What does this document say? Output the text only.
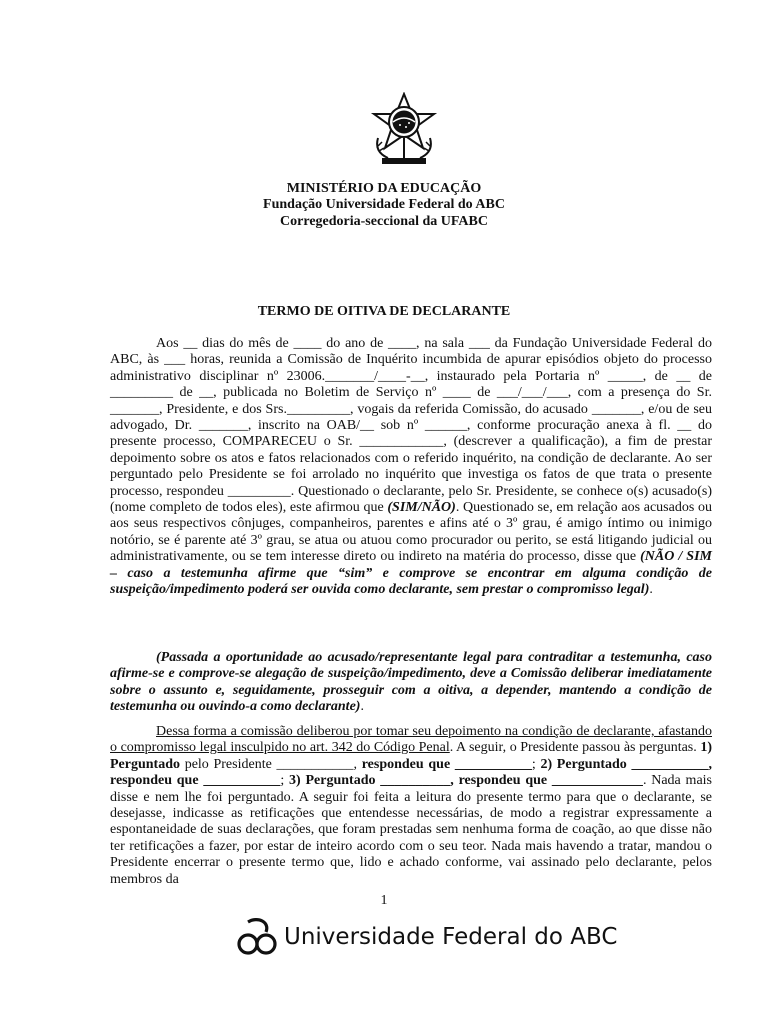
MINISTÉRIO DA EDUCAÇÃO
Fundação Universidade Federal do ABC
Corregedoria-seccional da UFABC
TERMO DE OITIVA DE DECLARANTE

Aos __ dias do mês de ____ do ano de ____, na sala ___ da Fundação Universidade Federal do ABC, às ___ horas, reunida a Comissão de Inquérito incumbida de apurar episódios objeto do processo administrativo disciplinar nº 23006._______/____-__, instaurado pela Portaria nº _____, de __ de _________ de __, publicada no Boletim de Serviço nº ____ de ___/___/___, com a presença do Sr. _______, Presidente, e dos Srs._________, vogais da referida Comissão, do acusado _______, e/ou de seu advogado, Dr. _______, inscrito na OAB/__ sob nº ______, conforme procuração anexa à fl. __ do presente processo, COMPARECEU o Sr. ____________, (descrever a qualificação), a fim de prestar depoimento sobre os atos e fatos relacionados com o referido inquérito, na condição de declarante. Ao ser perguntado pelo Presidente se foi arrolado no inquérito que investiga os fatos de que trata o presente processo, respondeu _________. Questionado o declarante, pelo Sr. Presidente, se conhece o(s) acusado(s) (nome completo de todos eles), este afirmou que (SIM/NÃO). Questionado se, em relação aos acusados ou aos seus respectivos cônjuges, companheiros, parentes e afins até o 3º grau, é amigo íntimo ou inimigo notório, se é parente até 3º grau, se atua ou atuou como procurador ou perito, se está litigando judicial ou administrativamente, ou se tem interesse direto ou indireto na matéria do processo, disse que (NÃO / SIM – caso a testemunha afirme que “sim” e comprove se encontrar em alguma condição de suspeição/impedimento poderá ser ouvida como declarante, sem prestar o compromisso legal).

(Passada a oportunidade ao acusado/representante legal para contraditar a testemunha, caso afirme-se e comprove-se alegação de suspeição/impedimento, deve a Comissão deliberar imediatamente sobre o assunto e, seguidamente, prosseguir com a oitiva, a depender, mantendo a condição de testemunha ou ouvindo-a como declarante).

Dessa forma a comissão deliberou por tomar seu depoimento na condição de declarante, afastando o compromisso legal insculpido no art. 342 do Código Penal. A seguir, o Presidente passou às perguntas. 1) Perguntado pelo Presidente ___________, respondeu que ___________; 2) Perguntado ___________, respondeu que ___________; 3) Perguntado __________, respondeu que _____________. Nada mais disse e nem lhe foi perguntado. A seguir foi feita a leitura do presente termo para que o declarante, se desejasse, indicasse as retificações que entendesse necessárias, de modo a registrar expressamente a espontaneidade de suas declarações, que foram prestadas sem nenhuma forma de coação, ao que disse não ter retificações a fazer, por estar de inteiro acordo com o seu teor. Nada mais havendo a tratar, mandou o Presidente encerrar o presente termo que, lido e achado conforme, vai assinado pelo declarante, pelos membros da

1
Universidade Federal do ABC
